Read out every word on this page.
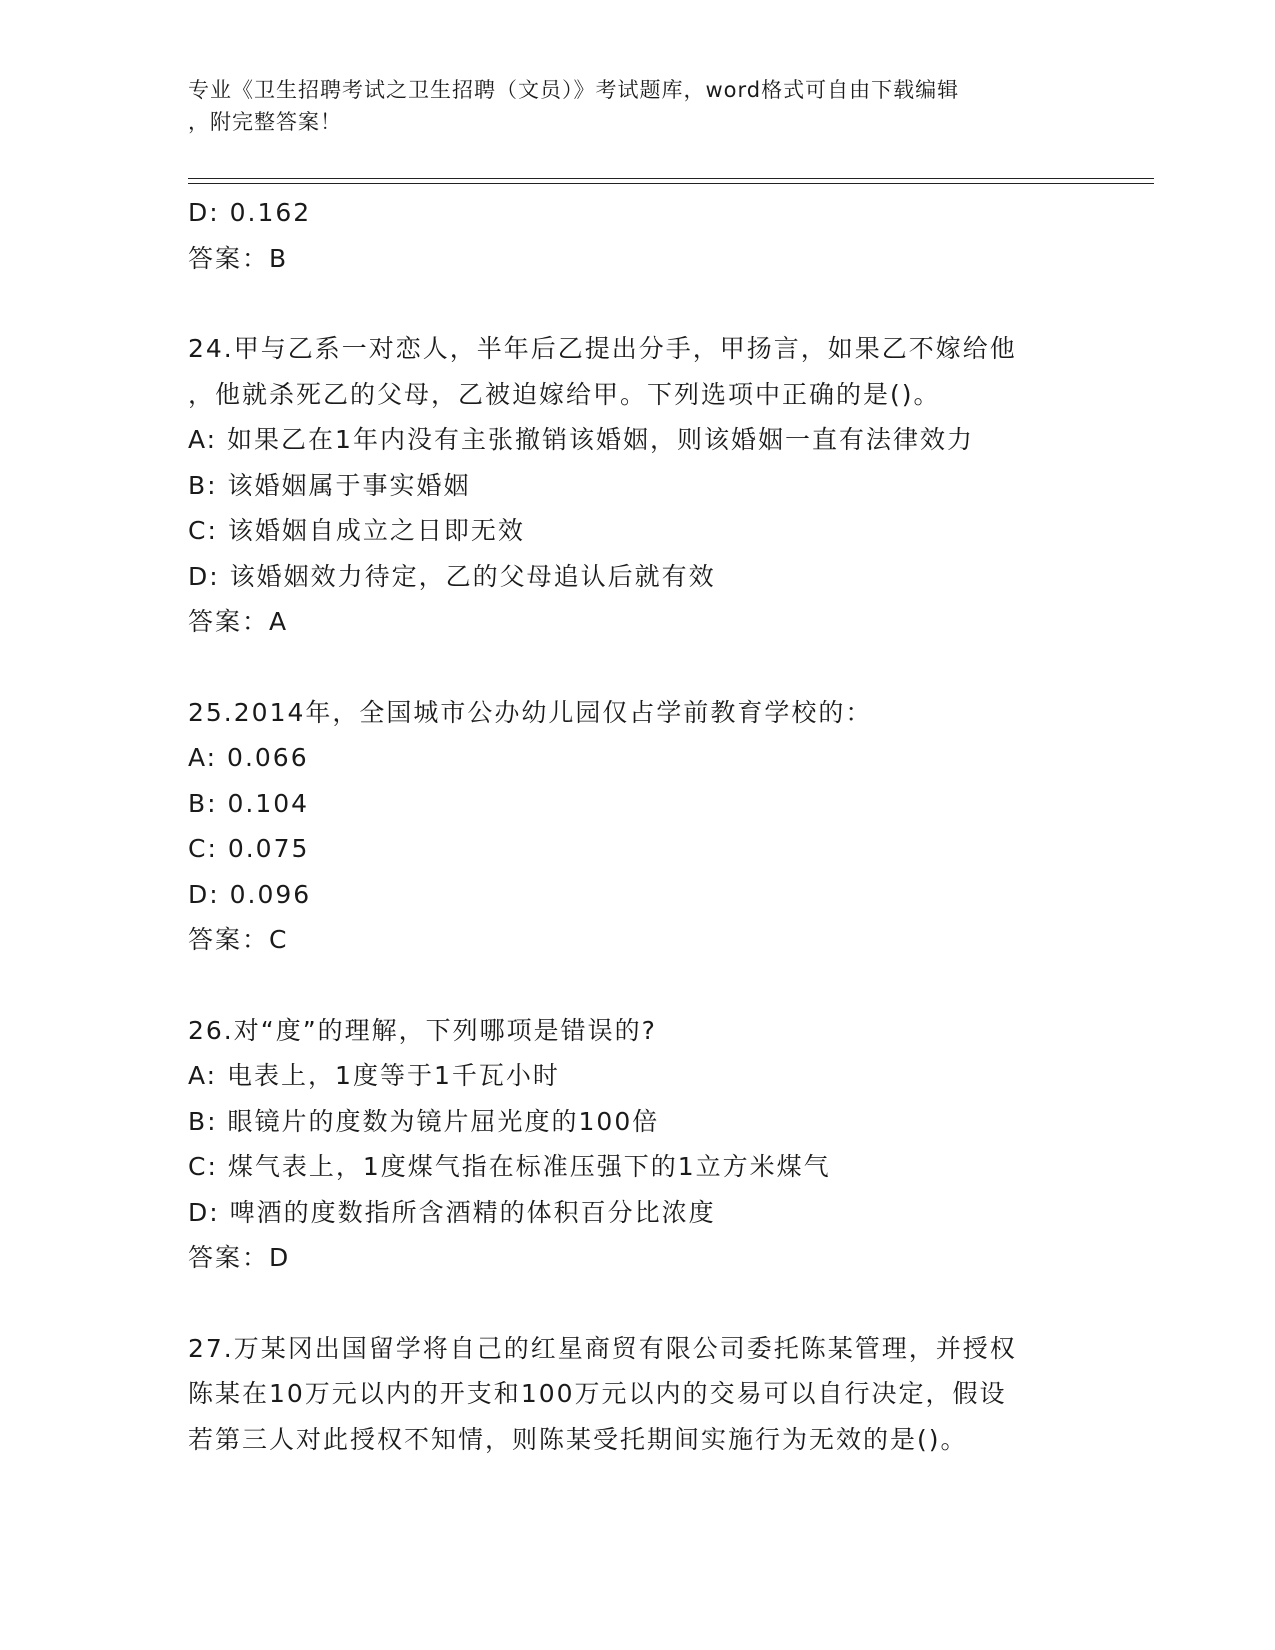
专业《卫生招聘考试之卫生招聘（文员）》考试题库，word格式可自由下载编辑
，附完整答案！
D: 0.162
答案：B
24.甲与乙系一对恋人，半年后乙提出分手，甲扬言，如果乙不嫁给他
，他就杀死乙的父母，乙被迫嫁给甲。下列选项中正确的是()。
A: 如果乙在1年内没有主张撤销该婚姻，则该婚姻一直有法律效力
B: 该婚姻属于事实婚姻
C: 该婚姻自成立之日即无效
D: 该婚姻效力待定，乙的父母追认后就有效
答案：A
25.2014年，全国城市公办幼儿园仅占学前教育学校的：
A: 0.066
B: 0.104
C: 0.075
D: 0.096
答案：C
26.对“度”的理解，下列哪项是错误的?
A: 电表上，1度等于1千瓦小时
B: 眼镜片的度数为镜片屈光度的100倍
C: 煤气表上，1度煤气指在标准压强下的1立方米煤气
D: 啤酒的度数指所含酒精的体积百分比浓度
答案：D
27.万某冈出国留学将自己的红星商贸有限公司委托陈某管理，并授权
陈某在10万元以内的开支和100万元以内的交易可以自行决定，假设
若第三人对此授权不知情，则陈某受托期间实施行为无效的是()。
